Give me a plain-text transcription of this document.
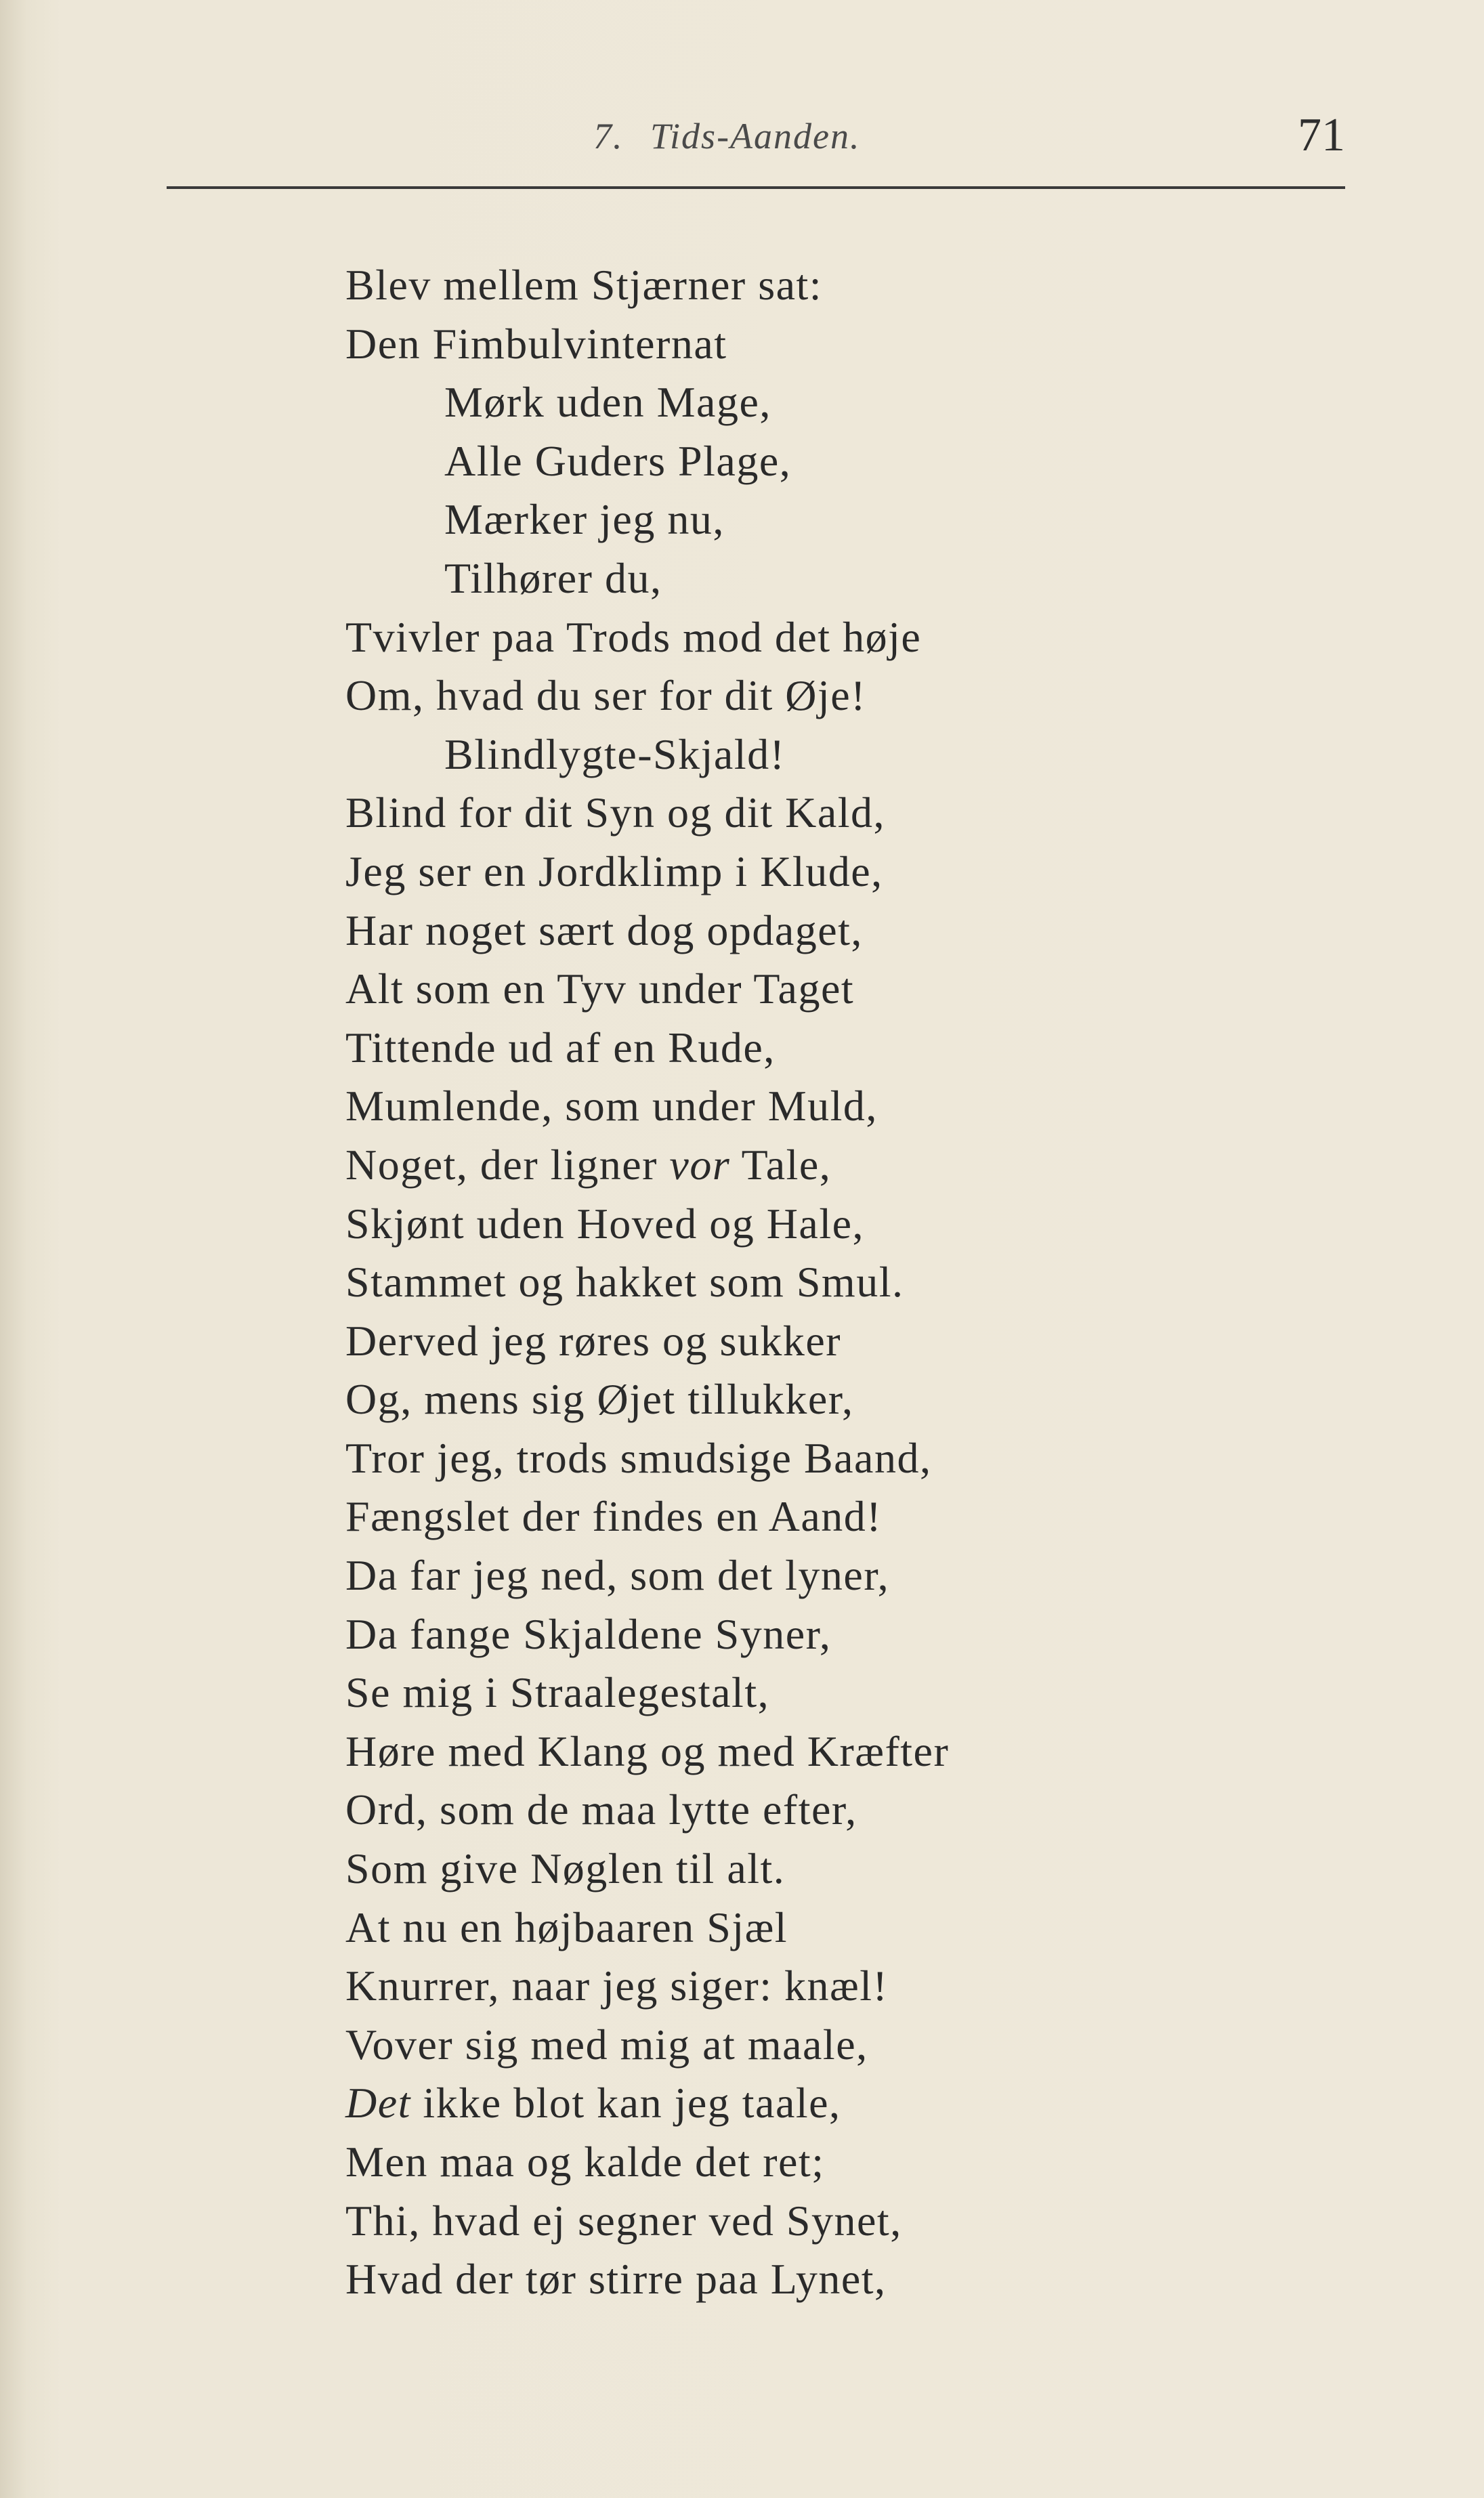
7. Tids-Aanden.	71
Blev mellem Stjærner sat:
Den Fimbulvinternat
Mørk uden Mage,
Alle Guders Plage,
Mærker jeg nu,
Tilhører du,
Tvivler paa Trods mod det høje
Om, hvad du ser for dit Øje!
Blindlygte-Skjald!
Blind for dit Syn og dit Kald,
Jeg ser en Jordklimp i Klude,
Har noget sært dog opdaget,
Alt som en Tyv under Taget
Tittende ud af en Rude,
Mumlende, som under Muld,
Noget, der ligner vor Tale,
Skjønt uden Hoved og Hale,
Stammet og hakket som Smul.
Derved jeg røres og sukker
Og, mens sig Øjet tillukker,
Tror jeg, trods smudsige Baand,
Fængslet der findes en Aand!
Da far jeg ned, som det lyner,
Da fange Skjaldene Syner,
Se mig i Straalegestalt,
Høre med Klang og med Kræfter
Ord, som de maa lytte efter,
Som give Nøglen til alt.
At nu en højbaaren Sjæl
Knurrer, naar jeg siger: knæl!
Vover sig med mig at maale,
Det ikke blot kan jeg taale,
Men maa og kalde det ret;
Thi, hvad ej segner ved Synet,
Hvad der tør stirre paa Lynet,
